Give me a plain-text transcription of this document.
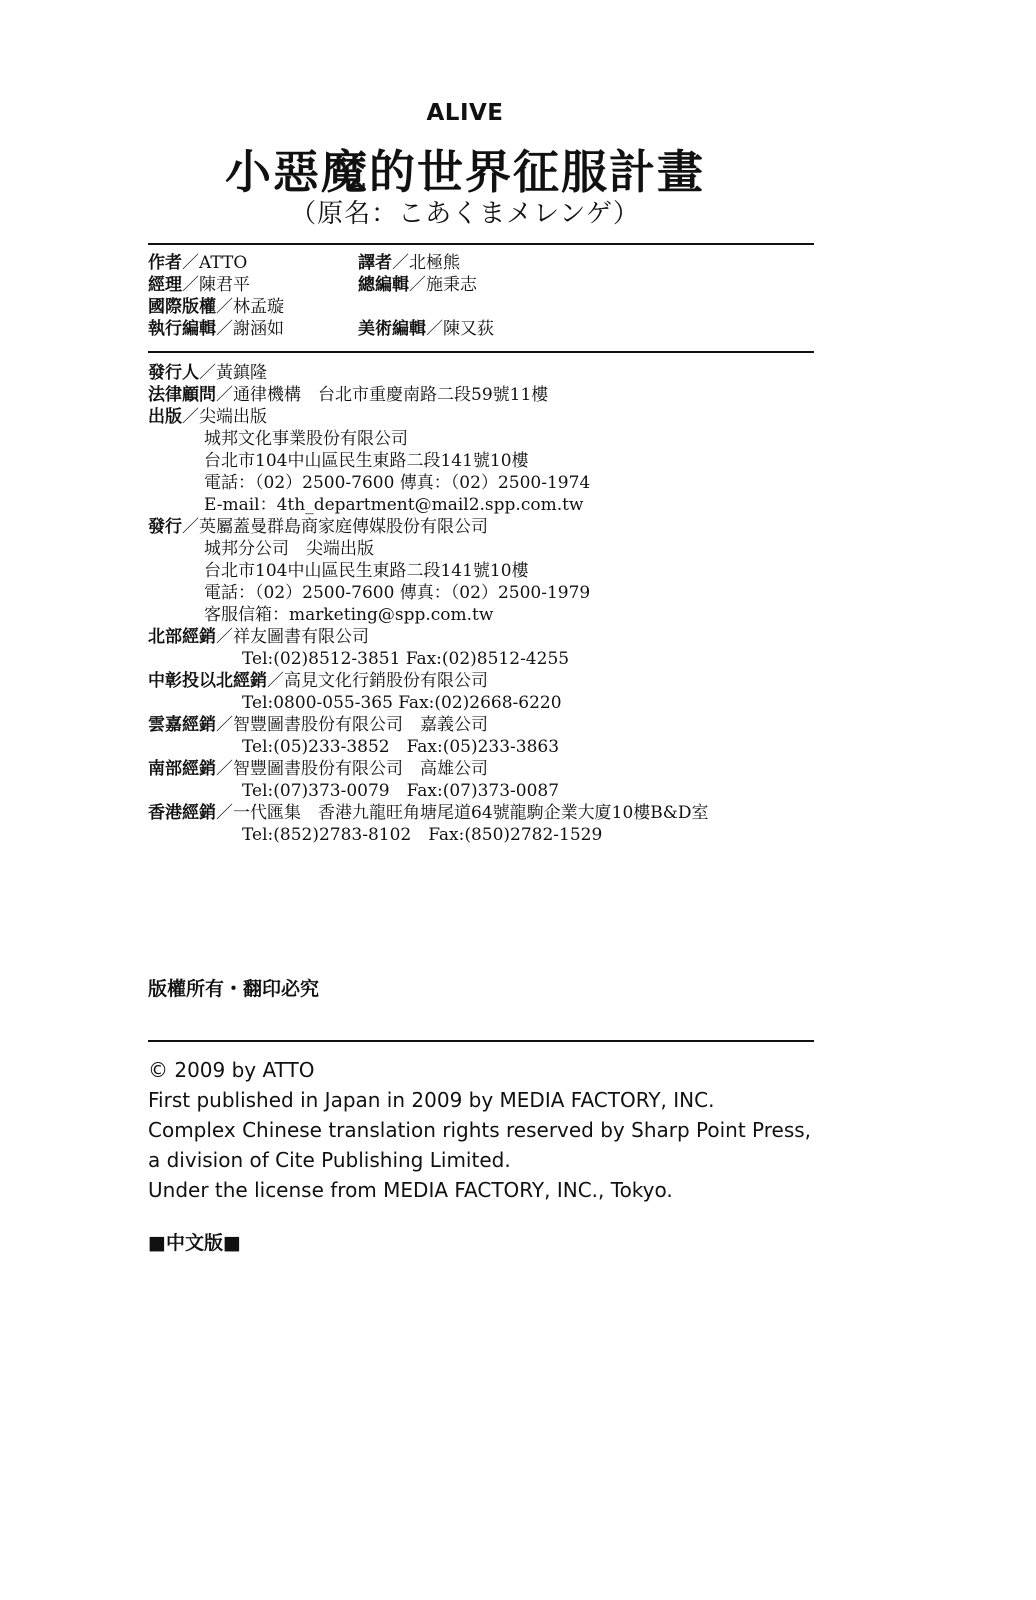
ALIVE
小惡魔的世界征服計畫
（原名：こあくまメレンゲ）
作者／ATTO	譯者／北極熊
經理／陳君平	總編輯／施秉志
國際版權／林孟璇
執行編輯／謝涵如	美術編輯／陳又荻
發行人／黃鎮隆
法律顧問／通律機構　台北市重慶南路二段59號11樓
出版／尖端出版
城邦文化事業股份有限公司
台北市104中山區民生東路二段141號10樓
電話：（02）2500-7600 傳真：（02）2500-1974
E-mail：4th_department@mail2.spp.com.tw
發行／英屬蓋曼群島商家庭傳媒股份有限公司
城邦分公司　尖端出版
台北市104中山區民生東路二段141號10樓
電話：（02）2500-7600 傳真：（02）2500-1979
客服信箱：marketing@spp.com.tw
北部經銷／祥友圖書有限公司
Tel:(02)8512-3851 Fax:(02)8512-4255
中彰投以北經銷／高見文化行銷股份有限公司
Tel:0800-055-365 Fax:(02)2668-6220
雲嘉經銷／智豐圖書股份有限公司　嘉義公司
Tel:(05)233-3852　Fax:(05)233-3863
南部經銷／智豐圖書股份有限公司　高雄公司
Tel:(07)373-0079　Fax:(07)373-0087
香港經銷／一代匯集　香港九龍旺角塘尾道64號龍駒企業大廈10樓B&D室
Tel:(852)2783-8102　Fax:(850)2782-1529
版權所有・翻印必究
© 2009 by ATTO
First published in Japan in 2009 by MEDIA FACTORY, INC.
Complex Chinese translation rights reserved by Sharp Point Press,
a division of Cite Publishing Limited.
Under the license from MEDIA FACTORY, INC., Tokyo.
■中文版■
